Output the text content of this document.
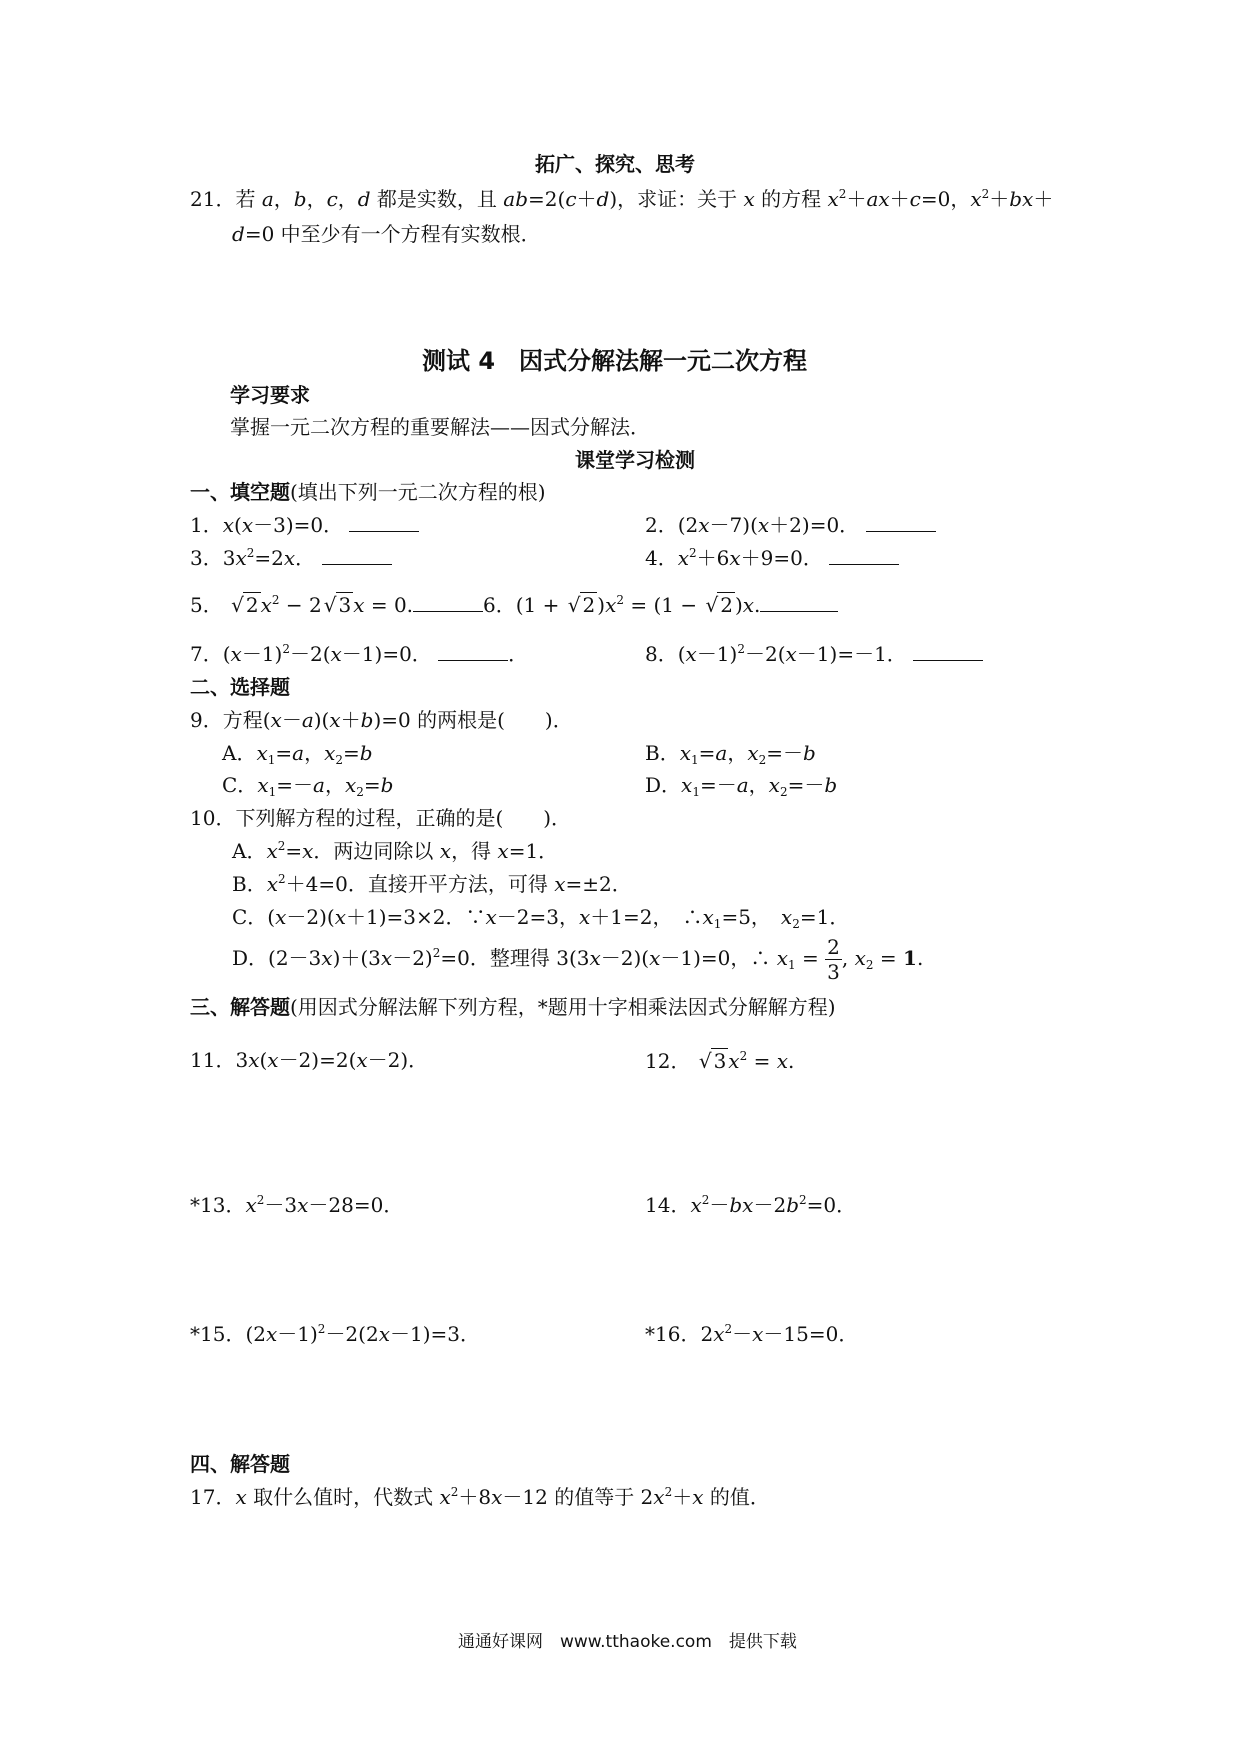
拓广、探究、思考
21．若 a，b，c，d 都是实数，且 ab=2(c＋d)，求证：关于 x 的方程 $x^2+ax+c=0$，$x^2+bx+$
d=0 中至少有一个方程有实数根．
测试 4　因式分解法解一元二次方程
学习要求
掌握一元二次方程的重要解法——因式分解法．
课堂学习检测
一、填空题(填出下列一元二次方程的根)
1．x(x－3)=0．	2．(2x－7)(x＋2)=0．
3．$3x^2=2x$．	4．$x^2+6x+9=0$．
5． √ 2 $x^2 - 2√$ 3 x = 0.	6．(1 + √ 2 )$x^2 = (1$ − √ 2 )x.
7．$(x-1)^2-2(x-1)=0$．	．	8．$(x-1)^2-2(x-1)=-1$．
二、选择题
9．方程(x－a)(x＋b)=0 的两根是(　　)．
A．$x_1=a$，$x_2=b$	B．$x_1=a$，$x_2=-b$
C．$x_1=-a$，$x_2=b$	D．$x_1=-a$，$x_2=-b$
10．下列解方程的过程，正确的是(　　)．
A．$x^2=x$．两边同除以 x，得 x=1．
B．$x^2+4=0$．直接开平方法，可得 x=±2．
C．(x－2)(x＋1)=3×2．∵x－2=3，x＋1=2，　$\therefore x_1=5$，　$x_2=1$．
D．$(2-3x)+(3x-2)^2=0$．整理得 3(3x－2)(x－1)=0，∴ $x_1 = \frac{2}{3}$ , $x_2 = 1$.
三、解答题(用因式分解法解下列方程，*题用十字相乘法因式分解解方程)
11．3x(x－2)=2(x－2)．	12． √ 3 $x^2 = x$.
*13．$x^2-3x-28=0$．	14．$x^2-bx-2b^2=0$．
*15．$(2x-1)^2-2(2x-1)=3$．	*16．$2x^2-x-15=0$．
四、解答题
17．x 取什么值时，代数式 $x^2+8x-12$ 的值等于 $2x^2+x$ 的值．
通通好课网　www.tthaoke.com　提供下载
